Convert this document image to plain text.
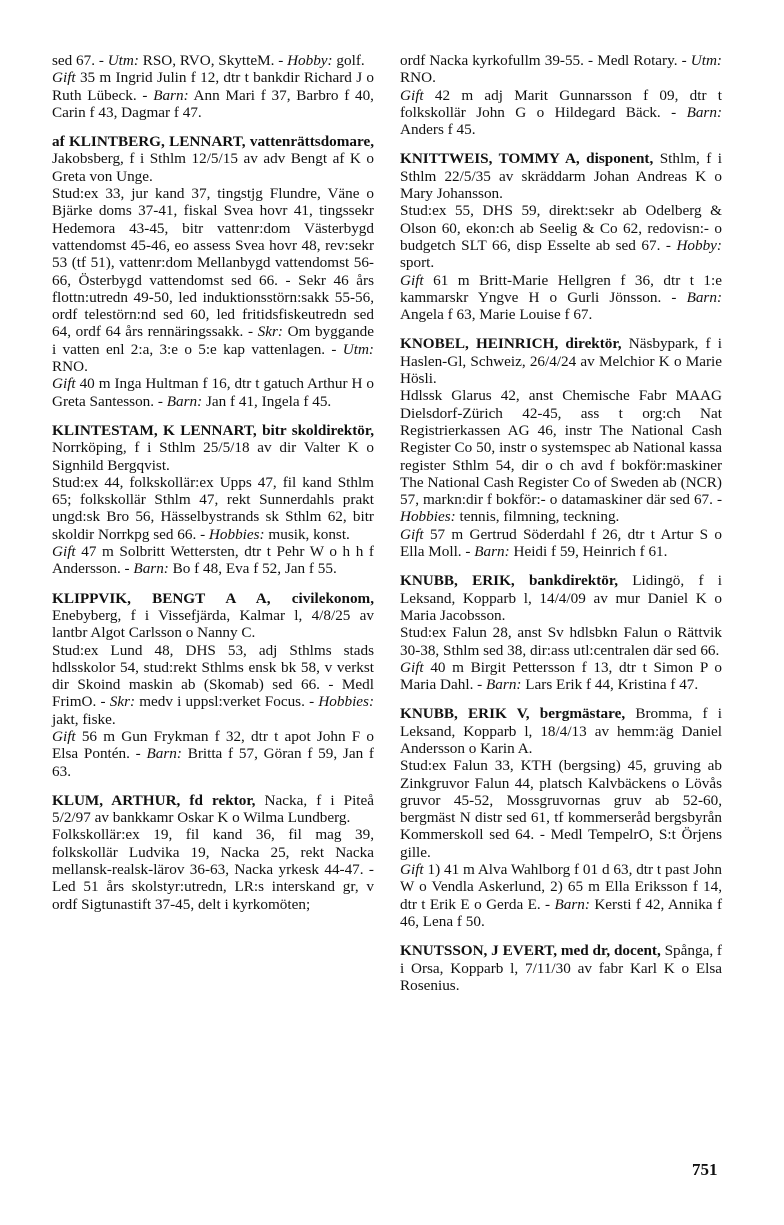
sed 67. - Utm: RSO, RVO, SkytteM. - Hobby: golf.

Gift 35 m Ingrid Julin f 12, dtr t bankdir Richard J o Ruth Lübeck. - Barn: Ann Mari f 37, Barbro f 40, Carin f 43, Dagmar f 47.

af KLINTBERG, LENNART, vattenrättsdomare, Jakobsberg, f i Sthlm 12/5/15 av adv Bengt af K o Greta von Unge.

Stud:ex 33, jur kand 37, tingstjg Flundre, Väne o Bjärke doms 37-41, fiskal Svea hovr 41, tingssekr Hedemora 43-45, bitr vattenr:dom Västerbygd vattendomst 45-46, eo assess Svea hovr 48, rev:sekr 53 (tf 51), vattenr:dom Mellanbygd vattendomst 56-66, Österbygd vattendomst sed 66. - Sekr 46 års flottn:utredn 49-50, led induktionsstörn:sakk 55-56, ordf telestörn:nd sed 60, led fritidsfiskeutredn sed 64, ordf 64 års rennäringssakk. - Skr: Om byggande i vatten enl 2:a, 3:e o 5:e kap vattenlagen. - Utm: RNO.

Gift 40 m Inga Hultman f 16, dtr t gatuch Arthur H o Greta Santesson. - Barn: Jan f 41, Ingela f 45.

KLINTESTAM, K LENNART, bitr skoldirektör, Norrköping, f i Sthlm 25/5/18 av dir Valter K o Signhild Bergqvist.

Stud:ex 44, folkskollär:ex Upps 47, fil kand Sthlm 65; folkskollär Sthlm 47, rekt Sunnerdahls prakt ungd:sk Bro 56, Hässelbystrands sk Sthlm 62, bitr skoldir Norrkpg sed 66. - Hobbies: musik, konst.

Gift 47 m Solbritt Wettersten, dtr t Pehr W o h h f Andersson. - Barn: Bo f 48, Eva f 52, Jan f 55.

KLIPPVIK, BENGT A A, civilekonom, Enebyberg, f i Vissefjärda, Kalmar l, 4/8/25 av lantbr Algot Carlsson o Nanny C.

Stud:ex Lund 48, DHS 53, adj Sthlms stads hdlsskolor 54, stud:rekt Sthlms ensk bk 58, v verkst dir Skoind maskin ab (Skomab) sed 66. - Medl FrimO. - Skr: medv i uppsl:verket Focus. - Hobbies: jakt, fiske.

Gift 56 m Gun Frykman f 32, dtr t apot John F o Elsa Pontén. - Barn: Britta f 57, Göran f 59, Jan f 63.

KLUM, ARTHUR, fd rektor, Nacka, f i Piteå 5/2/97 av bankkamr Oskar K o Wilma Lundberg.

Folkskollär:ex 19, fil kand 36, fil mag 39, folkskollär Ludvika 19, Nacka 25, rekt Nacka mellansk-realsk-lärov 36-63, Nacka yrkesk 44-47. - Led 51 års skolstyr:utredn, LR:s interskand gr, v ordf Sigtunastift 37-45, delt i kyrkomöten;

ordf Nacka kyrkofullm 39-55. - Medl Rotary. - Utm: RNO.

Gift 42 m adj Marit Gunnarsson f 09, dtr t folkskollär John G o Hildegard Bäck. - Barn: Anders f 45.

KNITTWEIS, TOMMY A, disponent, Sthlm, f i Sthlm 22/5/35 av skräddarm Johan Andreas K o Mary Johansson.

Stud:ex 55, DHS 59, direkt:sekr ab Odelberg & Olson 60, ekon:ch ab Seelig & Co 62, redovisn:- o budgetch SLT 66, disp Esselte ab sed 67. - Hobby: sport.

Gift 61 m Britt-Marie Hellgren f 36, dtr t 1:e kammarskr Yngve H o Gurli Jönsson. - Barn: Angela f 63, Marie Louise f 67.

KNOBEL, HEINRICH, direktör, Näsbypark, f i Haslen-Gl, Schweiz, 26/4/24 av Melchior K o Marie Hösli.

Hdlssk Glarus 42, anst Chemische Fabr MAAG Dielsdorf-Zürich 42-45, ass t org:ch Nat Registrierkassen AG 46, instr The National Cash Register Co 50, instr o systemspec ab National kassa register Sthlm 54, dir o ch avd f bokför:maskiner The National Cash Register Co of Sweden ab (NCR) 57, markn:dir f bokför:- o datamaskiner där sed 67. - Hobbies: tennis, filmning, teckning.

Gift 57 m Gertrud Söderdahl f 26, dtr t Artur S o Ella Moll. - Barn: Heidi f 59, Heinrich f 61.

KNUBB, ERIK, bankdirektör, Lidingö, f i Leksand, Kopparb l, 14/4/09 av mur Daniel K o Maria Jacobsson.

Stud:ex Falun 28, anst Sv hdlsbkn Falun o Rättvik 30-38, Sthlm sed 38, dir:ass utl:centralen där sed 66.

Gift 40 m Birgit Pettersson f 13, dtr t Simon P o Maria Dahl. - Barn: Lars Erik f 44, Kristina f 47.

KNUBB, ERIK V, bergmästare, Bromma, f i Leksand, Kopparb l, 18/4/13 av hemm:äg Daniel Andersson o Karin A.

Stud:ex Falun 33, KTH (bergsing) 45, gruving ab Zinkgruvor Falun 44, platsch Kalvbäckens o Lövås gruvor 45-52, Mossgruvornas gruv ab 52-60, bergmäst N distr sed 61, tf kommersеråd bergsbyrån Kommerskoll sed 64. - Medl TempelrO, S:t Örjens gille.

Gift 1) 41 m Alva Wahlborg f 01 d 63, dtr t past John W o Vendla Askerlund, 2) 65 m Ella Eriksson f 14, dtr t Erik E o Gerda E. - Barn: Kersti f 42, Annika f 46, Lena f 50.

KNUTSSON, J EVERT, med dr, docent, Spånga, f i Orsa, Kopparb l, 7/11/30 av fabr Karl K o Elsa Rosenius.

751
